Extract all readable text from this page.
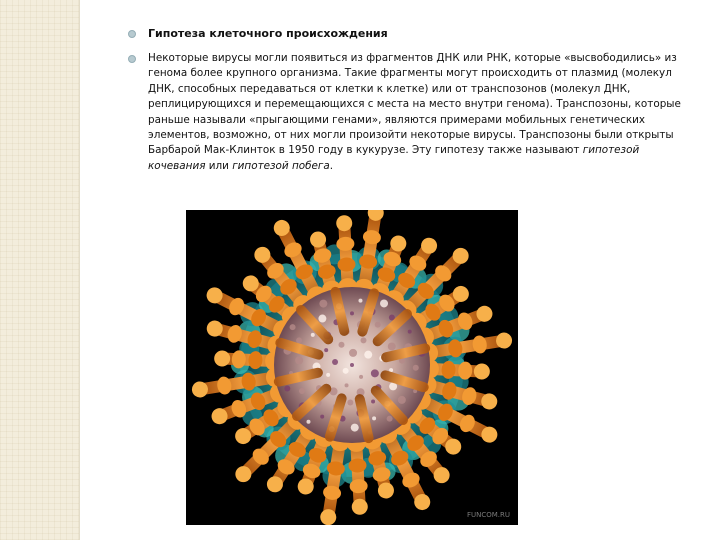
Гипотеза клеточного происхождения
Некоторые вирусы могли появиться из фрагментов ДНК или РНК, которые «высвободились» из генома более крупного организма. Такие фрагменты могут происходить от плазмид (молекул ДНК, способных передаваться от клетки к клетке) или от транспозонов (молекул ДНК, реплицирующихся и перемещающихся с места на место внутри генома). Транспозоны, которые раньше называли «прыгающими генами», являются примерами мобильных генетических элементов, возможно, от них могли произойти некоторые вирусы. Транспозоны были открыты Барбарой Мак-Клинток в 1950 году в кукурузе. Эту гипотезу также называют гипотезой кочевания или гипотезой побега.
FUNCOM.RU
